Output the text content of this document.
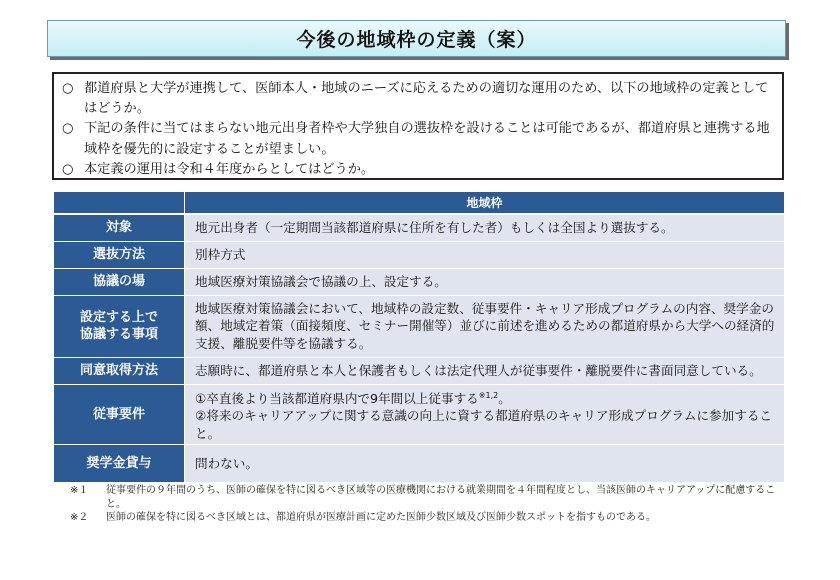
今後の地域枠の定義（案）
○ 都道府県と大学が連携して、医師本人・地域のニーズに応えるための適切な運用のため、以下の地域枠の定義としてはどうか。
○ 下記の条件に当てはまらない地元出身者枠や大学独自の選抜枠を設けることは可能であるが、都道府県と連携する地域枠を優先的に設定することが望ましい。
○ 本定義の運用は令和４年度からとしてはどうか。
	地域枠
対象	地元出身者（一定期間当該都道府県に住所を有した者）もしくは全国より選抜する。
選抜方法	別枠方式
協議の場	地域医療対策協議会で協議の上、設定する。
設定する上で
協議する事項	地域医療対策協議会において、地域枠の設定数、従事要件・キャリア形成プログラムの内容、奨学金の額、地域定着策（面接頻度、セミナー開催等）並びに前述を進めるための都道府県から大学への経済的支援、離脱要件等を協議する。
同意取得方法	志願時に、都道府県と本人と保護者もしくは法定代理人が従事要件・離脱要件に書面同意している。
従事要件	①卒直後より当該都道府県内で9年間以上従事する$^{※1,2}$。
②将来のキャリアアップに関する意識の向上に資する都道府県のキャリア形成プログラムに参加すること。
奨学金貸与	問わない。
※１	従事要件の９年間のうち、医師の確保を特に図るべき区域等の医療機関における就業期間を４年間程度とし、当該医師のキャリアアップに配慮すること。
※２	医師の確保を特に図るべき区域とは、都道府県が医療計画に定めた医師少数区域及び医師少数スポットを指すものである。
